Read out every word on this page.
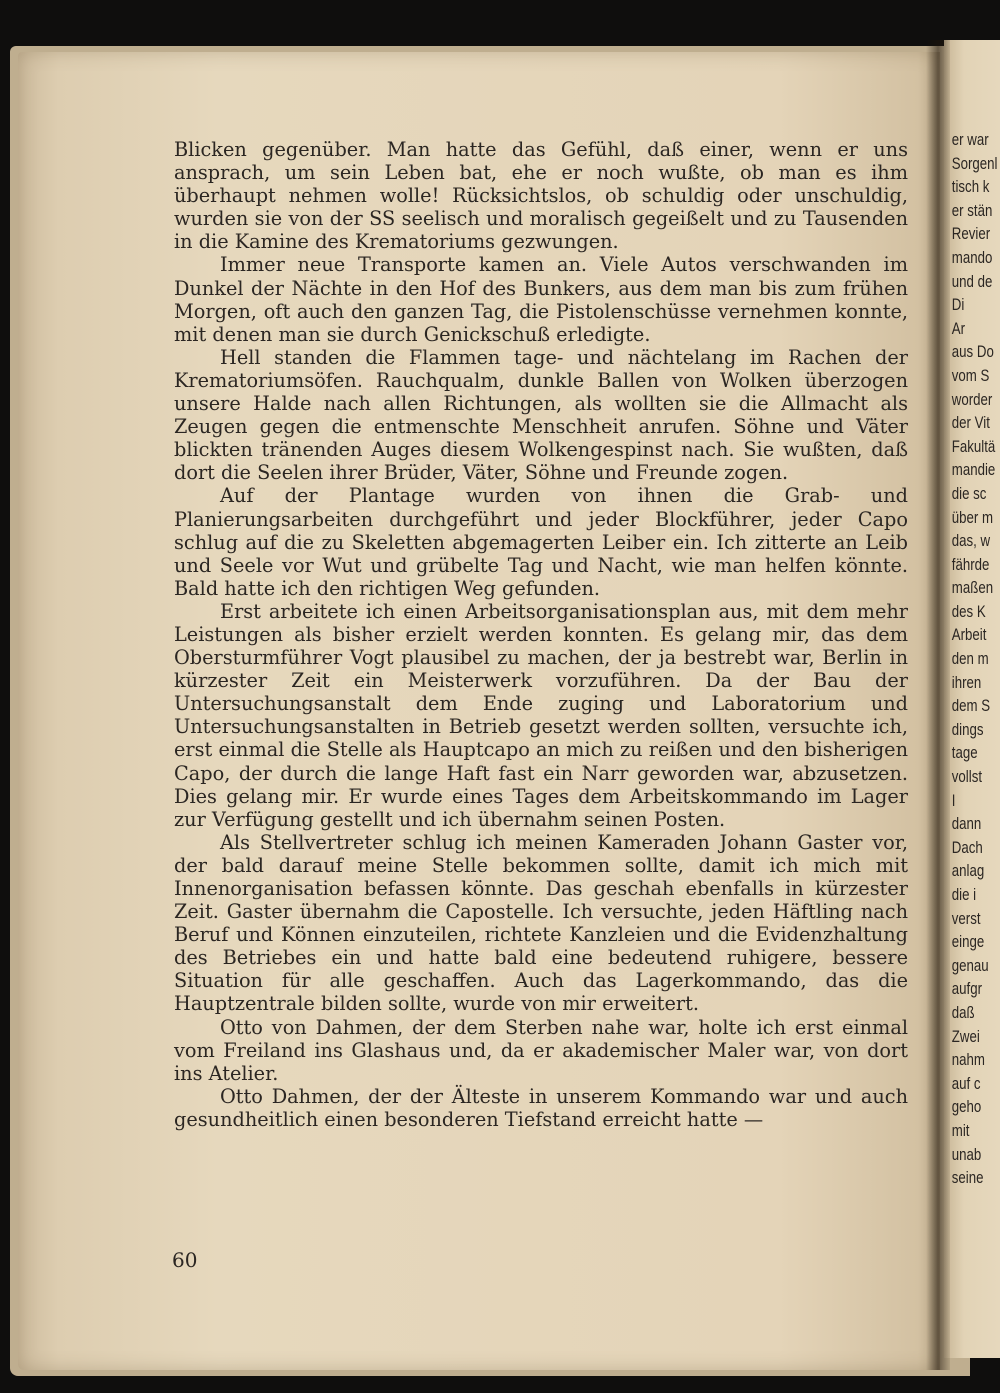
Blicken gegenüber. Man hatte das Gefühl, daß einer, wenn er uns ansprach, um sein Leben bat, ehe er noch wußte, ob man es ihm überhaupt nehmen wolle! Rücksichtslos, ob schuldig oder unschuldig, wurden sie von der SS seelisch und moralisch gegeißelt und zu Tausenden in die Kamine des Krematoriums gezwungen.

Immer neue Transporte kamen an. Viele Autos verschwanden im Dunkel der Nächte in den Hof des Bunkers, aus dem man bis zum frühen Morgen, oft auch den ganzen Tag, die Pistolenschüsse vernehmen konnte, mit denen man sie durch Genickschuß erledigte.

Hell standen die Flammen tage- und nächtelang im Rachen der Krematoriumsöfen. Rauchqualm, dunkle Ballen von Wolken überzogen unsere Halde nach allen Richtungen, als wollten sie die Allmacht als Zeugen gegen die entmenschte Menschheit anrufen. Söhne und Väter blickten tränenden Auges diesem Wolkengespinst nach. Sie wußten, daß dort die Seelen ihrer Brüder, Väter, Söhne und Freunde zogen.

Auf der Plantage wurden von ihnen die Grab- und Planierungsarbeiten durchgeführt und jeder Blockführer, jeder Capo schlug auf die zu Skeletten abgemagerten Leiber ein. Ich zitterte an Leib und Seele vor Wut und grübelte Tag und Nacht, wie man helfen könnte. Bald hatte ich den richtigen Weg gefunden.

Erst arbeitete ich einen Arbeitsorganisationsplan aus, mit dem mehr Leistungen als bisher erzielt werden konnten. Es gelang mir, das dem Obersturmführer Vogt plausibel zu machen, der ja bestrebt war, Berlin in kürzester Zeit ein Meisterwerk vorzuführen. Da der Bau der Untersuchungsanstalt dem Ende zuging und Laboratorium und Untersuchungsanstalten in Betrieb gesetzt werden sollten, versuchte ich, erst einmal die Stelle als Hauptcapo an mich zu reißen und den bisherigen Capo, der durch die lange Haft fast ein Narr geworden war, abzusetzen. Dies gelang mir. Er wurde eines Tages dem Arbeitskommando im Lager zur Verfügung gestellt und ich übernahm seinen Posten.

Als Stellvertreter schlug ich meinen Kameraden Johann Gaster vor, der bald darauf meine Stelle bekommen sollte, damit ich mich mit Innenorganisation befassen könnte. Das geschah ebenfalls in kürzester Zeit. Gaster übernahm die Capostelle. Ich versuchte, jeden Häftling nach Beruf und Können einzuteilen, richtete Kanzleien und die Evidenzhaltung des Betriebes ein und hatte bald eine bedeutend ruhigere, bessere Situation für alle geschaffen. Auch das Lagerkommando, das die Hauptzentrale bilden sollte, wurde von mir erweitert.

Otto von Dahmen, der dem Sterben nahe war, holte ich erst einmal vom Freiland ins Glashaus und, da er akademischer Maler war, von dort ins Atelier.

Otto Dahmen, der der Älteste in unserem Kommando war und auch gesundheitlich einen besonderen Tiefstand erreicht hatte —

60
er war
Sorgenl
tisch k
er stän
Revier
mando
und de
Di
Ar
aus Do
vom S
worder
der Vit
Fakultä
mandie
die sc
über m
das, w
fährde
maßen
des K
Arbeit
den m
ihren
dem S
dings
tage
vollst
I
dann
Dach
anlag
die i
verst
einge
genau
aufgr
daß
Zwei
nahm
auf c
geho
mit
unab
seine
